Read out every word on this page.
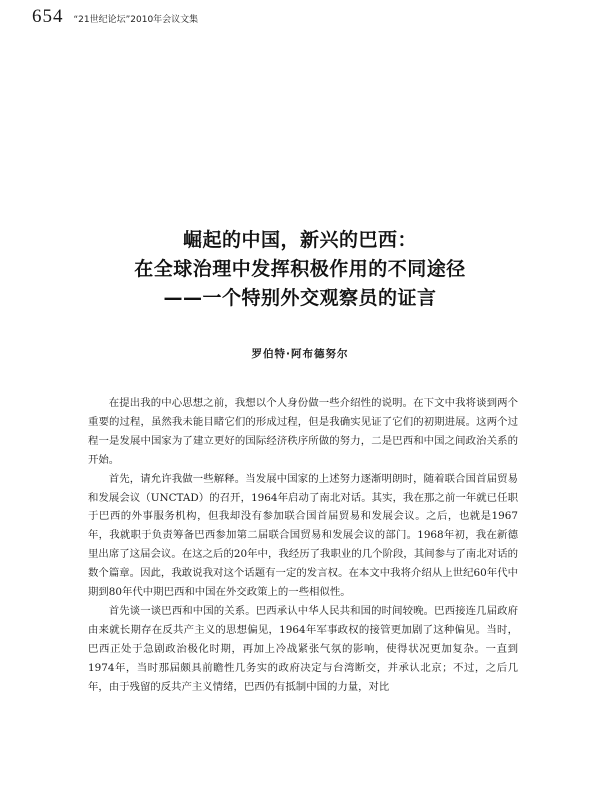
654 “21世纪论坛”2010年会议文集
崛起的中国，新兴的巴西：
在全球治理中发挥积极作用的不同途径
——一个特别外交观察员的证言
罗伯特·阿布德努尔

在提出我的中心思想之前，我想以个人身份做一些介绍性的说明。在下文中我将谈到两个重要的过程，虽然我未能目睹它们的形成过程，但是我确实见证了它们的初期进展。这两个过程一是发展中国家为了建立更好的国际经济秩序所做的努力，二是巴西和中国之间政治关系的开始。

首先，请允许我做一些解释。当发展中国家的上述努力逐渐明朗时，随着联合国首届贸易和发展会议（UNCTAD）的召开，1964年启动了南北对话。其实，我在那之前一年就已任职于巴西的外事服务机构，但我却没有参加联合国首届贸易和发展会议。之后，也就是1967年，我就职于负责筹备巴西参加第二届联合国贸易和发展会议的部门。1968年初，我在新德里出席了这届会议。在这之后的20年中，我经历了我职业的几个阶段，其间参与了南北对话的数个篇章。因此，我敢说我对这个话题有一定的发言权。在本文中我将介绍从上世纪60年代中期到80年代中期巴西和中国在外交政策上的一些相似性。

首先谈一谈巴西和中国的关系。巴西承认中华人民共和国的时间较晚。巴西接连几届政府由来就长期存在反共产主义的思想偏见，1964年军事政权的接管更加剧了这种偏见。当时，巴西正处于急剧政治极化时期，再加上冷战紧张气氛的影响，使得状况更加复杂。一直到1974年，当时那届颇具前瞻性几务实的政府决定与台湾断交，并承认北京；不过，之后几年，由于残留的反共产主义情绪，巴西仍有抵制中国的力量，对比
